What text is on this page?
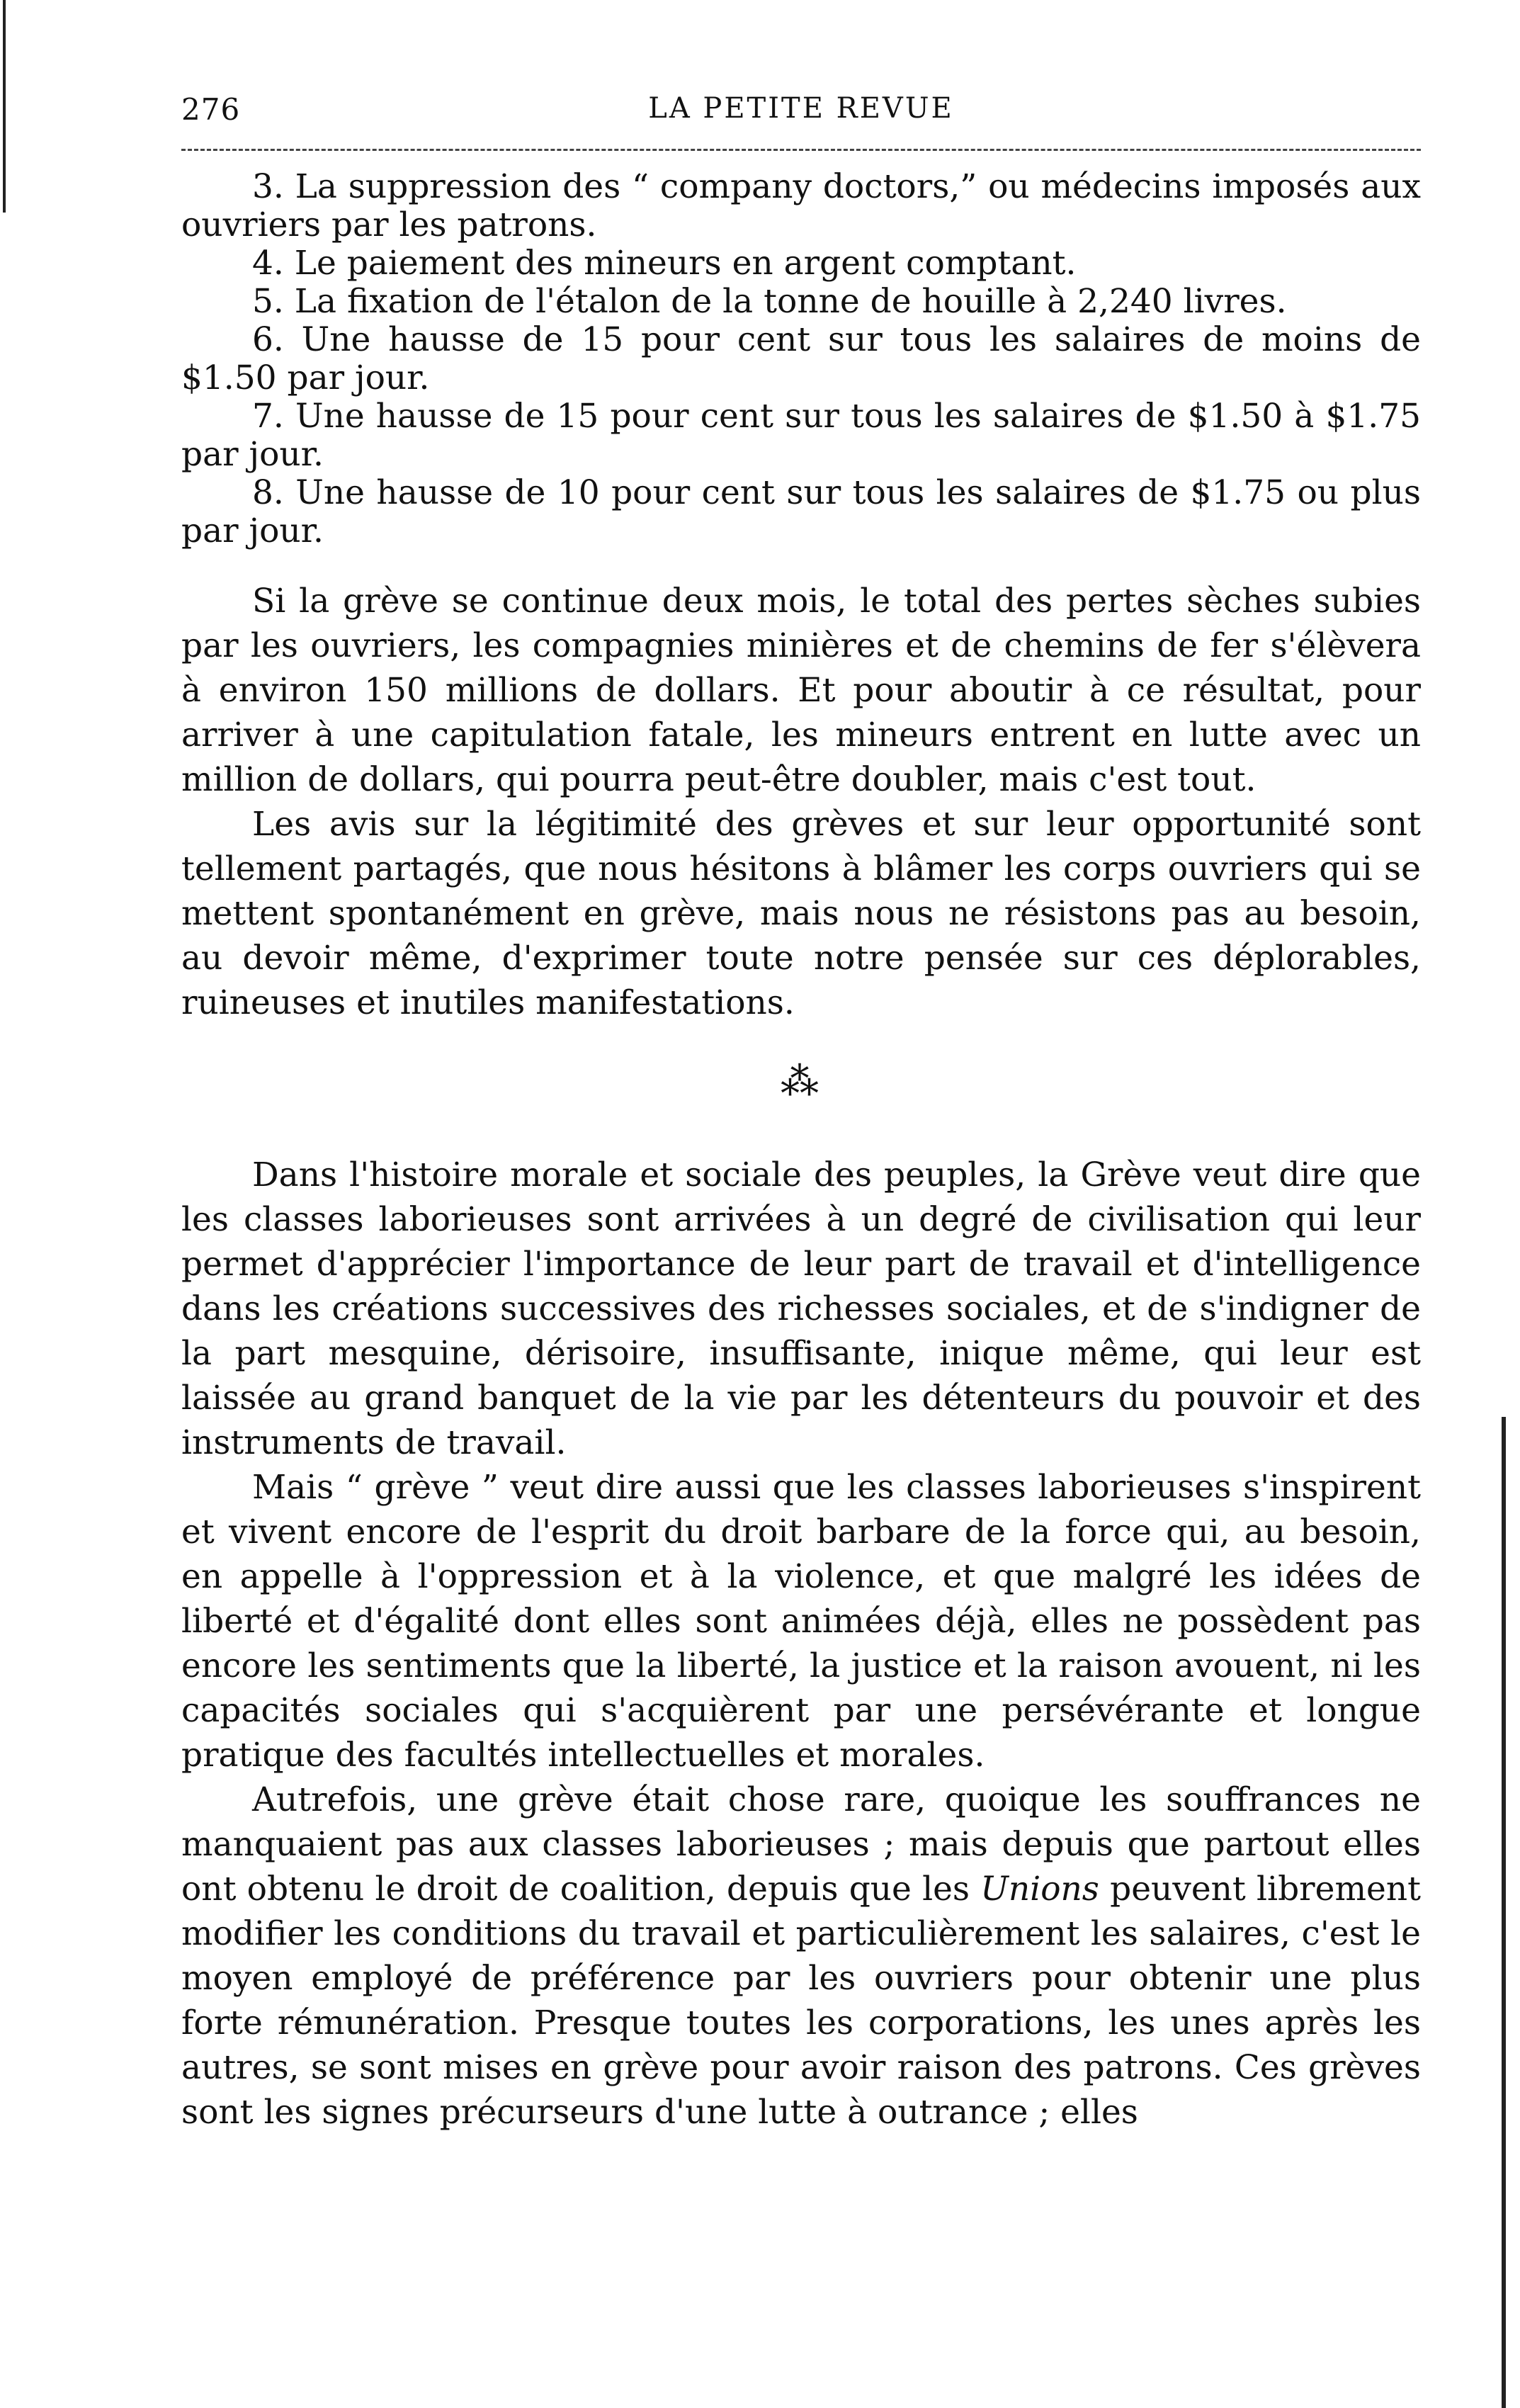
276	LA PETITE REVUE

3. La suppression des “ company doctors,” ou médecins imposés aux ouvriers par les patrons.

4. Le paiement des mineurs en argent comptant.

5. La fixation de l'étalon de la tonne de houille à 2,240 livres.

6. Une hausse de 15 pour cent sur tous les salaires de moins de $1.50 par jour.

7. Une hausse de 15 pour cent sur tous les salaires de $1.50 à $1.75 par jour.

8. Une hausse de 10 pour cent sur tous les salaires de $1.75 ou plus par jour.

Si la grève se continue deux mois, le total des pertes sèches subies par les ouvriers, les compagnies minières et de chemins de fer s'élèvera à environ 150 millions de dollars. Et pour aboutir à ce résultat, pour arriver à une capitulation fatale, les mineurs entrent en lutte avec un million de dollars, qui pourra peut-être doubler, mais c'est tout.

Les avis sur la légitimité des grèves et sur leur opportunité sont tellement partagés, que nous hésitons à blâmer les corps ouvriers qui se mettent spontanément en grève, mais nous ne résistons pas au besoin, au devoir même, d'exprimer toute notre pensée sur ces déplorables, ruineuses et inutiles manifestations.

⁂

Dans l'histoire morale et sociale des peuples, la Grève veut dire que les classes laborieuses sont arrivées à un degré de civilisation qui leur permet d'apprécier l'importance de leur part de travail et d'intelligence dans les créations successives des richesses sociales, et de s'indigner de la part mesquine, dérisoire, insuffisante, inique même, qui leur est laissée au grand banquet de la vie par les détenteurs du pouvoir et des instruments de travail.

Mais “ grève ” veut dire aussi que les classes laborieuses s'inspirent et vivent encore de l'esprit du droit barbare de la force qui, au besoin, en appelle à l'oppression et à la violence, et que malgré les idées de liberté et d'égalité dont elles sont animées déjà, elles ne possèdent pas encore les sentiments que la liberté, la justice et la raison avouent, ni les capacités sociales qui s'acquièrent par une persévérante et longue pratique des facultés intellectuelles et morales.

Autrefois, une grève était chose rare, quoique les souffrances ne manquaient pas aux classes laborieuses ; mais depuis que partout elles ont obtenu le droit de coalition, depuis que les Unions peuvent librement modifier les conditions du travail et particulièrement les salaires, c'est le moyen employé de préférence par les ouvriers pour obtenir une plus forte rémunération. Presque toutes les corporations, les unes après les autres, se sont mises en grève pour avoir raison des patrons. Ces grèves sont les signes précurseurs d'une lutte à outrance ; elles
